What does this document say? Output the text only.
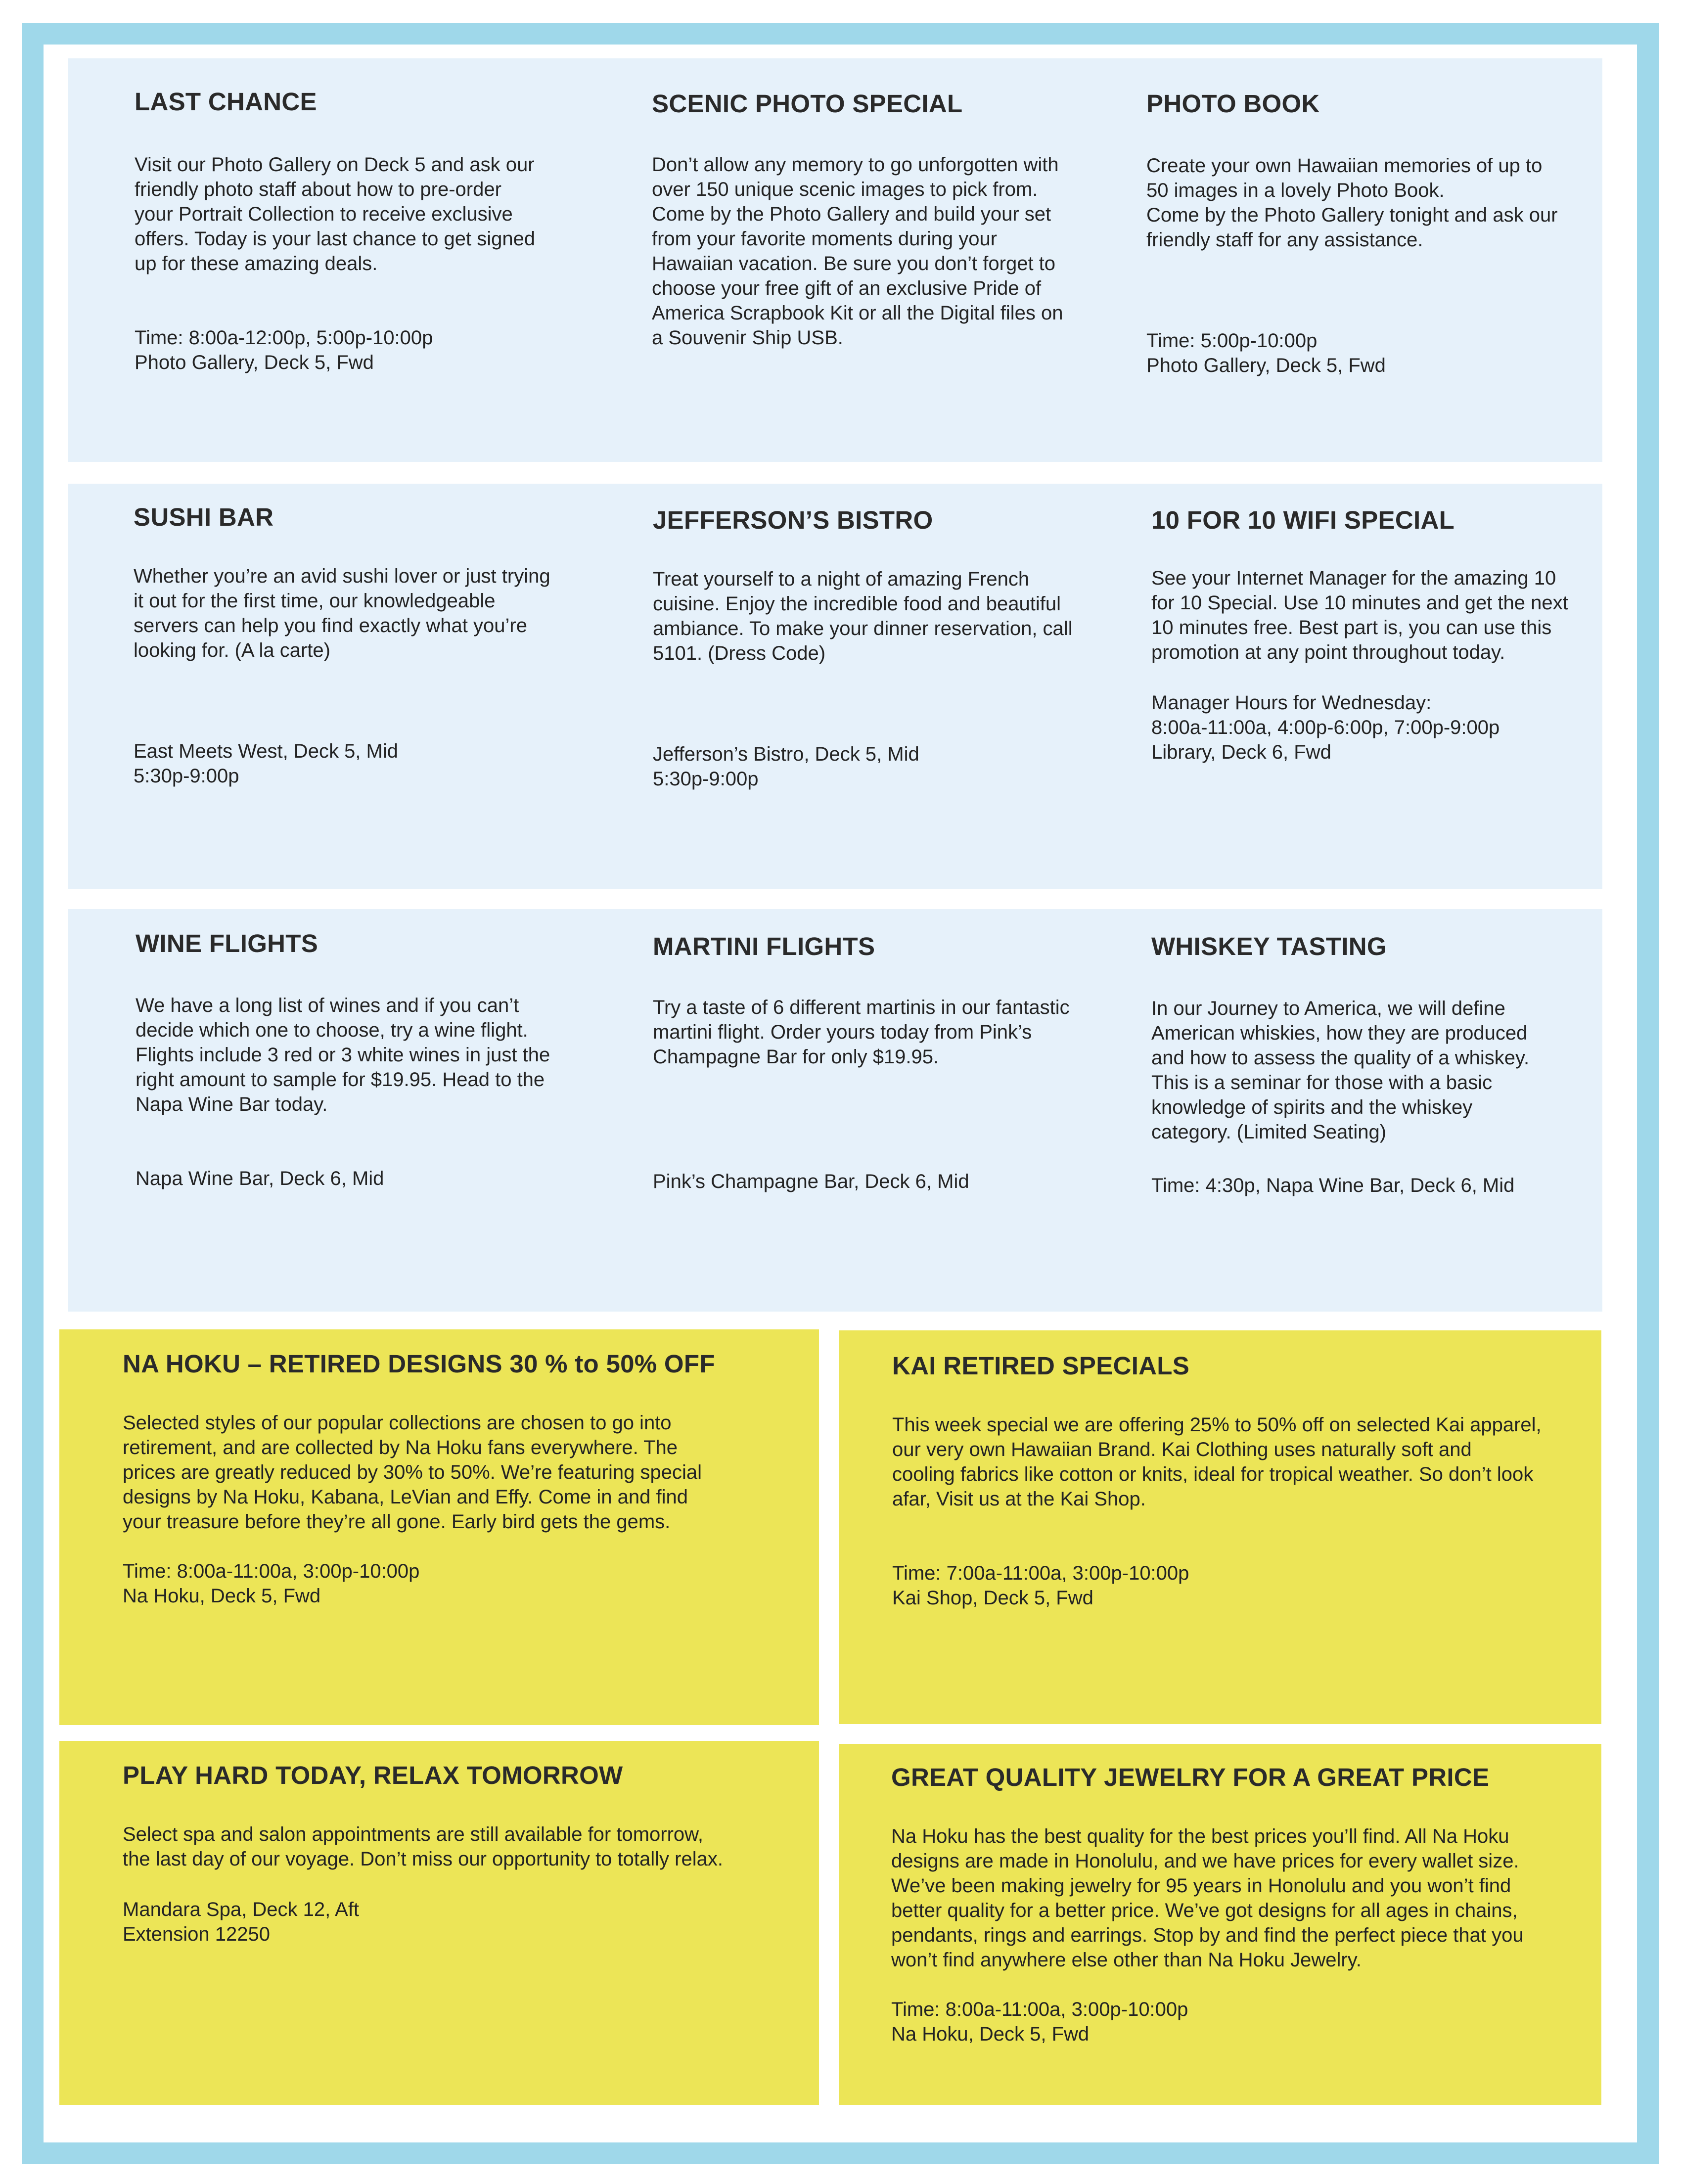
LAST CHANCE
Visit our Photo Gallery on Deck 5 and ask our
friendly photo staff about how to pre-order
your Portrait Collection to receive exclusive
offers. Today is your last chance to get signed
up for these amazing deals.
Time: 8:00a-12:00p, 5:00p-10:00p
Photo Gallery, Deck 5, Fwd
SCENIC PHOTO SPECIAL
Don’t allow any memory to go unforgotten with
over 150 unique scenic images to pick from.
Come by the Photo Gallery and build your set
from your favorite moments during your
Hawaiian vacation. Be sure you don’t forget to
choose your free gift of an exclusive Pride of
America Scrapbook Kit or all the Digital files on
a Souvenir Ship USB.
PHOTO BOOK
Create your own Hawaiian memories of up to
50 images in a lovely Photo Book.
Come by the Photo Gallery tonight and ask our
friendly staff for any assistance.
Time: 5:00p-10:00p
Photo Gallery, Deck 5, Fwd
SUSHI BAR
Whether you’re an avid sushi lover or just trying
it out for the first time, our knowledgeable
servers can help you find exactly what you’re
looking for. (A la carte)
East Meets West, Deck 5, Mid
5:30p-9:00p
JEFFERSON’S BISTRO
Treat yourself to a night of amazing French
cuisine. Enjoy the incredible food and beautiful
ambiance. To make your dinner reservation, call
5101. (Dress Code)
Jefferson’s Bistro, Deck 5, Mid
5:30p-9:00p
10 FOR 10 WIFI SPECIAL
See your Internet Manager for the amazing 10
for 10 Special. Use 10 minutes and get the next
10 minutes free. Best part is, you can use this
promotion at any point throughout today.
Manager Hours for Wednesday:
8:00a-11:00a, 4:00p-6:00p, 7:00p-9:00p
Library, Deck 6, Fwd
WINE FLIGHTS
We have a long list of wines and if you can’t
decide which one to choose, try a wine flight.
Flights include 3 red or 3 white wines in just the
right amount to sample for $19.95. Head to the
Napa Wine Bar today.
Napa Wine Bar, Deck 6, Mid
MARTINI FLIGHTS
Try a taste of 6 different martinis in our fantastic
martini flight. Order yours today from Pink’s
Champagne Bar for only $19.95.
Pink’s Champagne Bar, Deck 6, Mid
WHISKEY TASTING
In our Journey to America, we will define
American whiskies, how they are produced
and how to assess the quality of a whiskey.
This is a seminar for those with a basic
knowledge of spirits and the whiskey
category. (Limited Seating)
Time: 4:30p, Napa Wine Bar, Deck 6, Mid
NA HOKU – RETIRED DESIGNS 30 % to 50% OFF
Selected styles of our popular collections are chosen to go into
retirement, and are collected by Na Hoku fans everywhere. The
prices are greatly reduced by 30% to 50%. We’re featuring special
designs by Na Hoku, Kabana, LeVian and Effy. Come in and find
your treasure before they’re all gone. Early bird gets the gems.
Time: 8:00a-11:00a, 3:00p-10:00p
Na Hoku, Deck 5, Fwd
KAI RETIRED SPECIALS
This week special we are offering 25% to 50% off on selected Kai apparel,
our very own Hawaiian Brand. Kai Clothing uses naturally soft and
cooling fabrics like cotton or knits, ideal for tropical weather. So don’t look
afar, Visit us at the Kai Shop.
Time: 7:00a-11:00a, 3:00p-10:00p
Kai Shop, Deck 5, Fwd
PLAY HARD TODAY, RELAX TOMORROW
Select spa and salon appointments are still available for tomorrow,
the last day of our voyage. Don’t miss our opportunity to totally relax.
Mandara Spa, Deck 12, Aft
Extension 12250
GREAT QUALITY JEWELRY FOR A GREAT PRICE
Na Hoku has the best quality for the best prices you’ll find. All Na Hoku
designs are made in Honolulu, and we have prices for every wallet size.
We’ve been making jewelry for 95 years in Honolulu and you won’t find
better quality for a better price. We’ve got designs for all ages in chains,
pendants, rings and earrings. Stop by and find the perfect piece that you
won’t find anywhere else other than Na Hoku Jewelry.
Time: 8:00a-11:00a, 3:00p-10:00p
Na Hoku, Deck 5, Fwd
